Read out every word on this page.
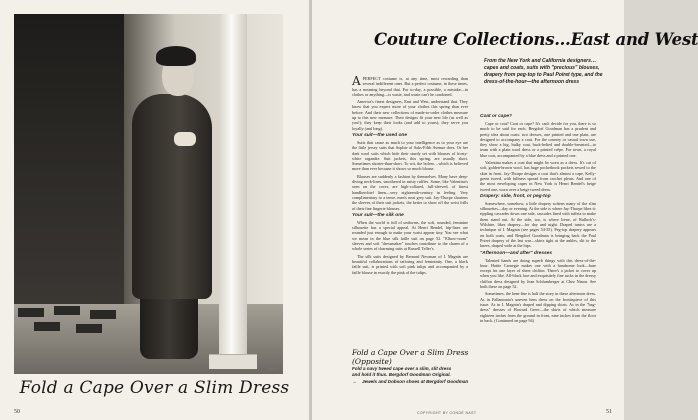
HORST
Fold a Cape Over a Slim Dress
50
Couture Collections…East and West
From the New York and California designers…capes and coats, suits with "precious" blouses, drapery from peg-top to Paul Poiret type, and the dress-of-the-hour—the afternoon dress

APERFECT costume is, at any time, most rewarding than several indifferent ones. But a perfect costume, in these times, has a meaning beyond that. For to-day, a possible, a mistake—in clothes or anything—is waste, and waste can't be condoned.

America's finest designers, East and West, understand that. They know that you expect more of your clothes this spring than ever before. And their new collections of made-to-order clothes measure up to this new measure. Their designs fit your new life (as well as you!); they keep their looks (and add to yours); they serve you loyally (and long).

Your suit—the used one

Suits that cause as much to your intelligence as to your eye are the little jersey suits that Sophie of Saks-Fifth Avenue does. Or her dark wool suits which hide their sturdy set with blouses of frosty-white organdie. Suit jackets, this spring, are usually short. Sometimes shorter-than-short. To wit, the bolero…which is believed more than ever because it shows so much blouse.

Blouses are suddenly a fashion by themselves. Many have deep-diving neck-lines, smothered in misty ruffles. Some, like Valentina's seen on the cover, are high-collared, full-sleeved, of finest handkerchief linen—very eighteenth-century in feeling. Very complimentary to a tense, men's neat grey suit. Jay-Thorpe shortens the sleeves of their suit jackets, the better to show off the wrist frills of their fine lingerie blouses.

Your suit—the silk one

When the world is full of uniforms, the soft, rounded, feminine silhouette has a special appeal. At Henri Bendel, hip-lines are rounded just enough to make your waist appear tiny. You see what we mean in the blue silk faille suit on page 52. "Elbow-room" sleeves and soft "dressmaker" touches contribute to the charm of a whole series of charming suits at Russell Teller's.

The silk suits designed by Bernard Newman of I. Magnin are beautiful collaborations of tailoring and femininity. One, a black faille suit, is printed with soft pink tulips and accompanied by a faille blouse in exactly the pink of the tulips.

Coat or cape?

Cape or coat? Coat or cape? It's can't decide for you, there is so much to be said for each. Bergdorf Goodman has a prudent and pretty idea about coats: two dresses, one printed and one plain, are designed to accompany a coat. For the country or casual town use, they show a big, bulky coat, back-belted and double-breasted—to team with a plain wool dress or a printed crêpe. For town, a royal blue coat, accompanied by a blue dress and a printed one.

Valentina makes a coat that might be worn as a dress. It's cut of soft, golden-brown wool, has huge pocketbook pockets sewed to the skirt in front. Jay-Thorpe designs a coat that's almost a cape, Kelly-green tweed, with fullness spread from crochet pleats. And one of the most enveloping capes in New York is Henri Bendel's beige tweed one, worn over a beige tweed dress.

Drapery: side, front, or peg-top

Somewhere, somehow, a little drapery softens many of the slim silhouettes—day or evening. At the side is where Jay-Thorpe likes it: rippling cascades down one side, cascades lined with taffeta to make them stand out. At the side, too, is where Irene, of Bullock's-Wilshire, likes drapery—for day and night. Draped tunics are a technique of I. Magnin (see pages 54-55). Peg-top drapery appears on both coats, and Bergdorf Goodman is bringing back the Paul Poiret drapery of the last war—skirts tight at the ankles, slit to the knees, draped wide at the hips.

"Afternoon—and after" dresses

Talented hands are doing superb things with this dress-of-the-hour. Hattie Carnegie makes one with a handsome look—bare except for one layer of sheer chiffon. There's a jacket to cover up when you like. All-black lace and exquisitely fine tucks in the dressy chiffon dress designed by Jean Schlumberger at Chez Ninon. See both these on page 52.

Sometimes, the hem-line is half the story in these afternoon dress. As in Fallantonia's uneven hem dress on the frontispiece of this issue. As in I. Magnin's draped and dipping skirts. As in the "bag-dress" dresses of Howard Greer—the skirts of which measure eighteen inches from the ground in front, nine inches from the floor in back. (Continued on page 94)

Fold a Cape Over a Slim Dress (Opposite)
Fold a navy tweed cape over a slim, slit dress
and hold it thus. Bergdorf Goodman Original.
→ Jewels and Dobson shoes at Bergdorf Goodman
51
COPYRIGHT BY CONDÉ NAST
